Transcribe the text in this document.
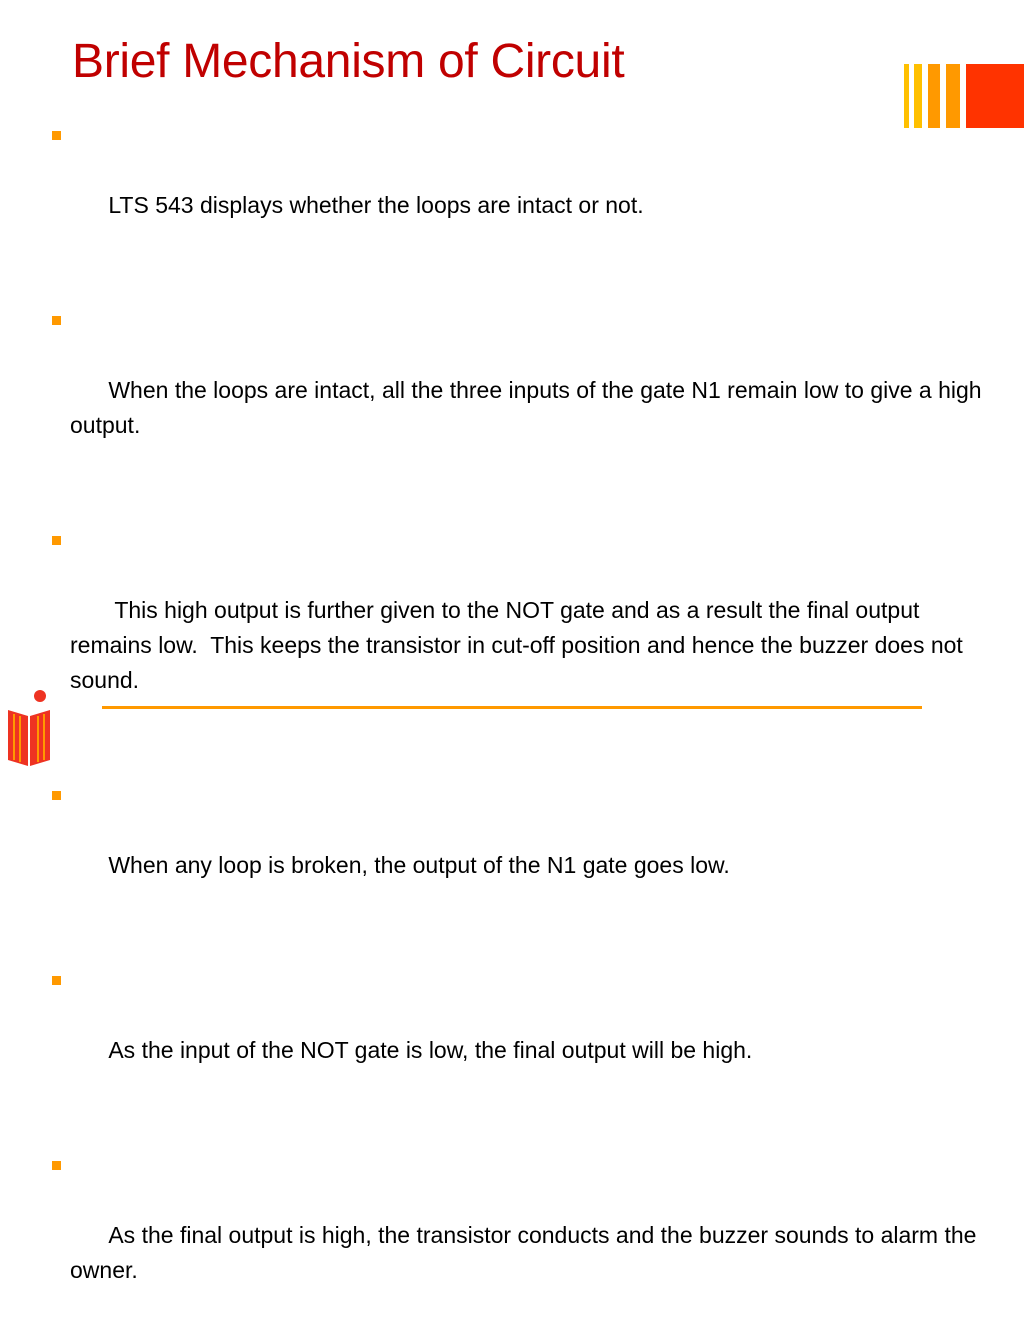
Brief Mechanism of Circuit

LTS 543 displays whether the loops are intact or not.

When the loops are intact, all the three inputs of the gate N1 remain low to give a high output.

This high output is further given to the NOT gate and as a result the final output remains low.  This keeps the transistor in cut-off position and hence the buzzer does not sound.

When any loop is broken, the output of the N1 gate goes low.

As the input of the NOT gate is low, the final output will be high.

As the final output is high, the transistor conducts and the buzzer sounds to alarm the owner.
